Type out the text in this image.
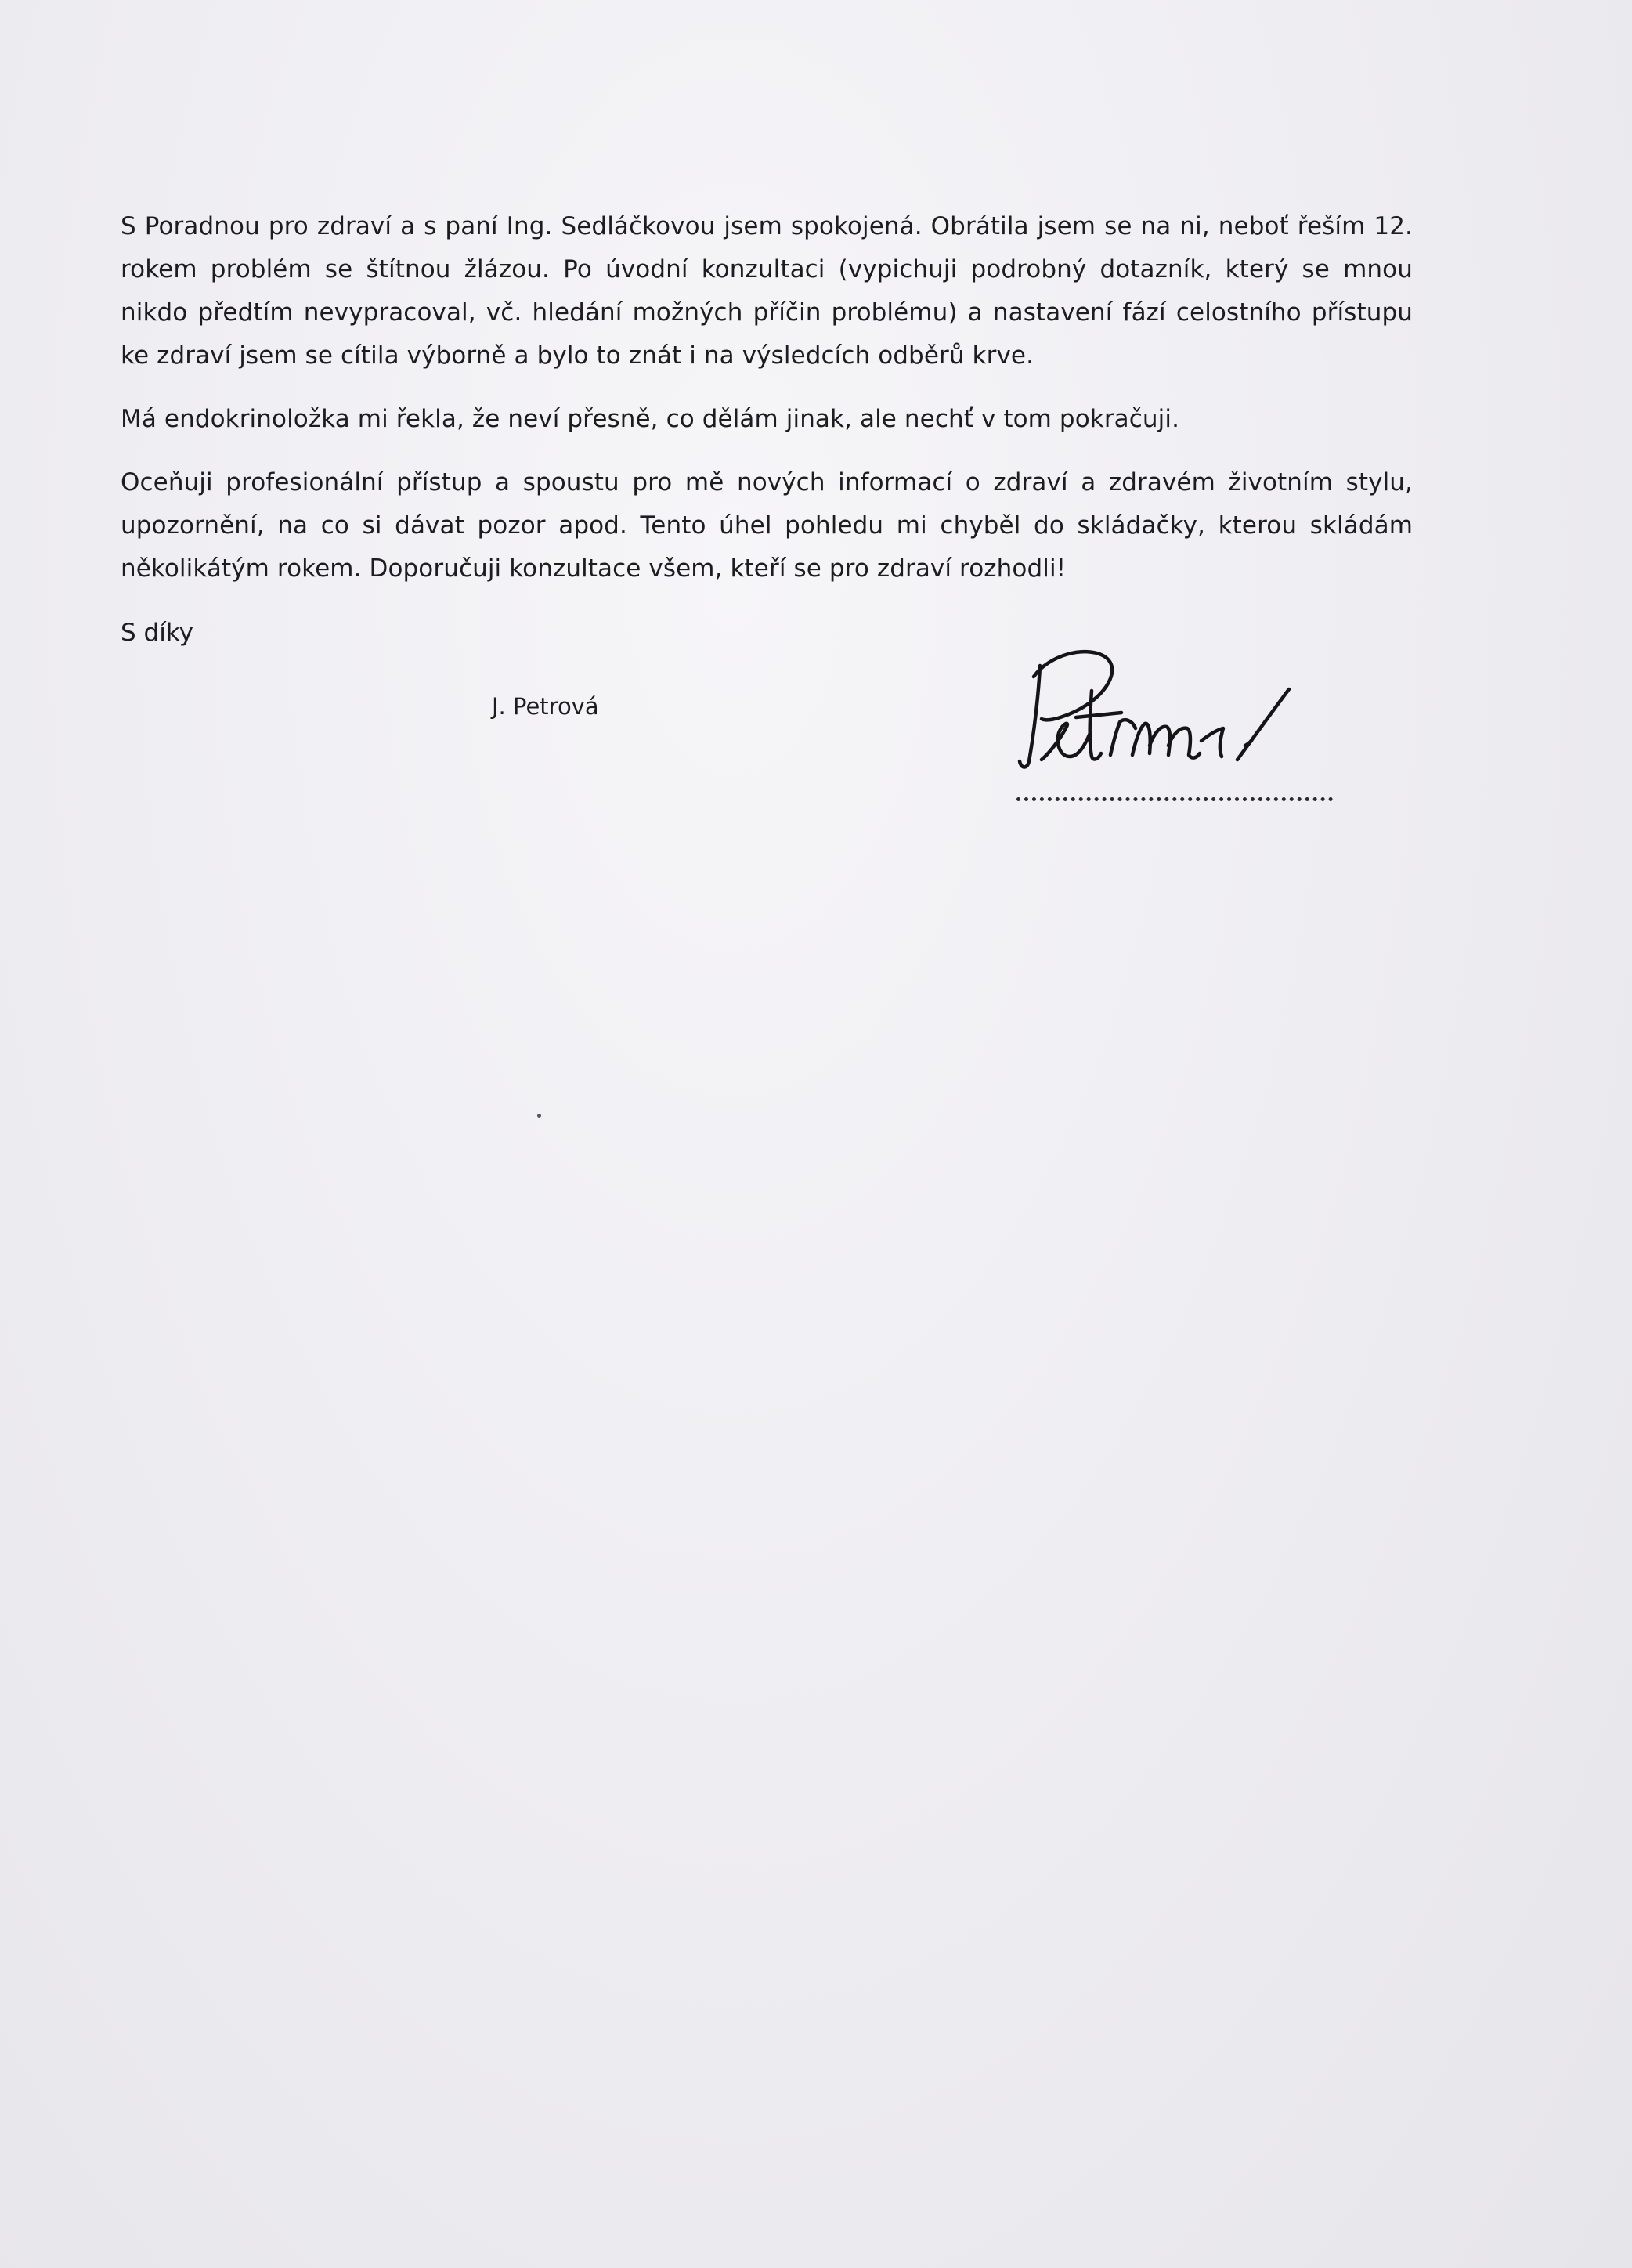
S Poradnou pro zdraví a s paní Ing. Sedláčkovou jsem spokojená. Obrátila jsem se na ni, neboť řeším 12. rokem problém se štítnou žlázou. Po úvodní konzultaci (vypichuji podrobný dotazník, který se mnou nikdo předtím nevypracoval, vč. hledání možných příčin problému) a nastavení fází celostního přístupu ke zdraví jsem se cítila výborně a bylo to znát i na výsledcích odběrů krve.

Má endokrinoložka mi řekla, že neví přesně, co dělám jinak, ale nechť v tom pokračuji.

Oceňuji profesionální přístup a spoustu pro mě nových informací o zdraví a zdravém životním stylu, upozornění, na co si dávat pozor apod. Tento úhel pohledu mi chyběl do skládačky, kterou skládám několikátým rokem. Doporučuji konzultace všem, kteří se pro zdraví rozhodli!

S díky
J. Petrová
